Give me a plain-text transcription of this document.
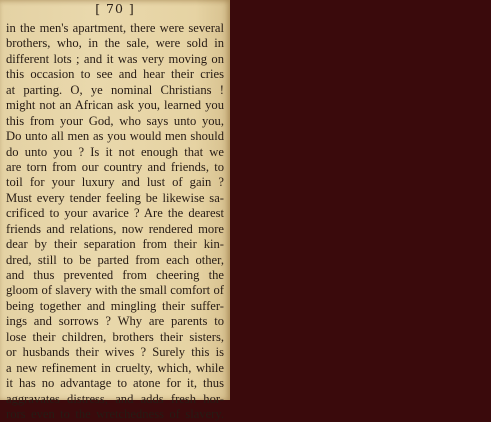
[ 70 ]

in the men's apartment, there were several
brothers, who, in the sale, were sold in
different lots ; and it was very moving on
this occasion to see and hear their cries
at parting. O, ye nominal Christians !
might not an African ask you, learned you
this from your God, who says unto you,
Do unto all men as you would men should
do unto you ? Is it not enough that we
are torn from our country and friends, to
toil for your luxury and lust of gain ?
Must every tender feeling be likewise sa-
crificed to your avarice ? Are the dearest
friends and relations, now rendered more
dear by their separation from their kin-
dred, still to be parted from each other,
and thus prevented from cheering the
gloom of slavery with the small comfort of
being together and mingling their suffer-
ings and sorrows ? Why are parents to
lose their children, brothers their sisters,
or husbands their wives ? Surely this is
a new refinement in cruelty, which, while
it has no advantage to atone for it, thus
aggravates distress, and adds fresh hor-
rors even to the wretchedness of slavery.
